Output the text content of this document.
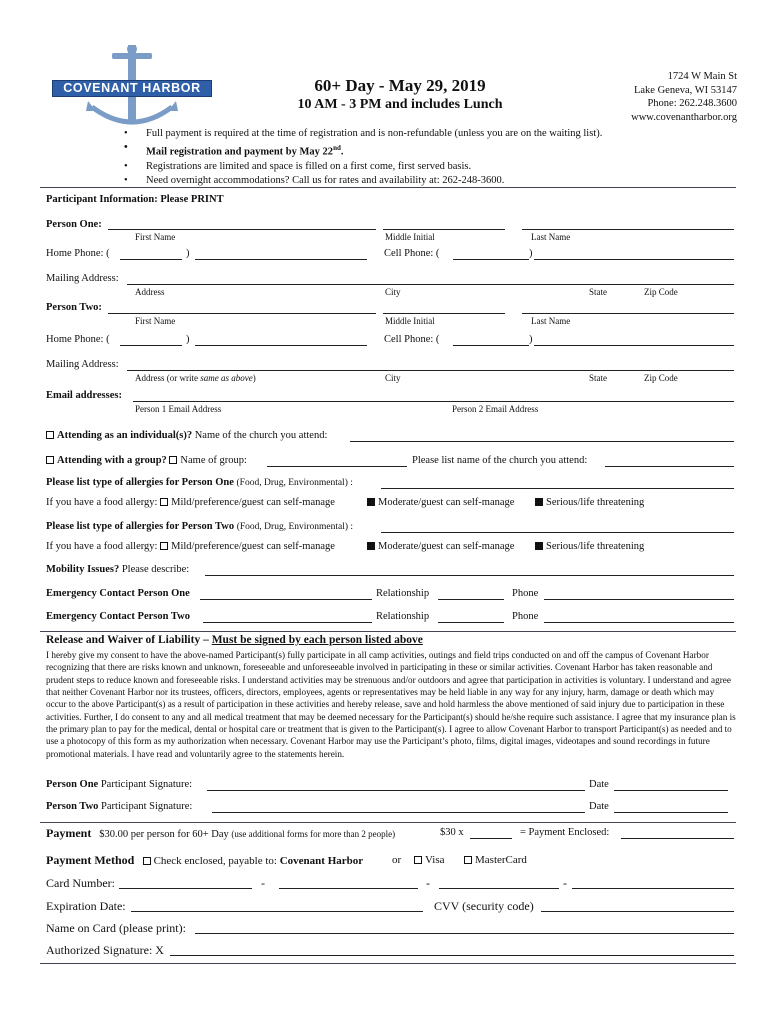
COVENANT HARBOR	60+ Day - May 29, 2019
10 AM - 3 PM and includes Lunch
1724 W Main St
Lake Geneva, WI 53147
Phone: 262.248.3600
www.covenantharbor.org
• Full payment is required at the time of registration and is non-refundable (unless you are on the waiting list).
• Mail registration and payment by May 22nd.
• Registrations are limited and space is filled on a first come, first served basis.
• Need overnight accommodations? Call us for rates and availability at: 262-248-3600.
Participant Information: Please PRINT
Person One:
First Name	Middle Initial	Last Name
Home Phone: (	)	Cell Phone: (	)
Mailing Address:
Address	City	State	Zip Code
Person Two:
First Name	Middle Initial	Last Name
Home Phone: (	)	Cell Phone: (	)
Mailing Address:
Address (or write same as above)	City	State	Zip Code
Email addresses:
Person 1 Email Address	Person 2 Email Address
Attending as an individual(s)? Name of the church you attend:
Attending with a group? Name of group:	Please list name of the church you attend:
Please list type of allergies for Person One (Food, Drug, Environmental) :
If you have a food allergy: Mild/preference/guest can self-manage	Moderate/guest can self-manage	Serious/life threatening
Please list type of allergies for Person Two (Food, Drug, Environmental) :
If you have a food allergy: Mild/preference/guest can self-manage	Moderate/guest can self-manage	Serious/life threatening
Mobility Issues? Please describe:
Emergency Contact Person One	Relationship	Phone
Emergency Contact Person Two	Relationship	Phone
Release and Waiver of Liability – Must be signed by each person listed above
I hereby give my consent to have the above-named Participant(s) fully participate in all camp activities, outings and field trips conducted on and off the campus of Covenant Harbor recognizing that there are risks known and unknown, foreseeable and unforeseeable involved in participating in these or similar activities. Covenant Harbor has taken reasonable and prudent steps to reduce known and foreseeable risks. I understand activities may be strenuous and/or outdoors and agree that participation in activities is voluntary. I understand and agree that neither Covenant Harbor nor its trustees, officers, directors, employees, agents or representatives may be held liable in any way for any injury, harm, damage or death which may occur to the above Participant(s) as a result of participation in these activities and hereby release, save and hold harmless the above mentioned of said injury due to participation in these activities. Further, I do consent to any and all medical treatment that may be deemed necessary for the Participant(s) should he/she require such assistance. I agree that my insurance plan is the primary plan to pay for the medical, dental or hospital care or treatment that is given to the Participant(s). I agree to allow Covenant Harbor to transport Participant(s) as needed and to use a photocopy of this form as my authorization when necessary. Covenant Harbor may use the Participant’s photo, films, digital images, videotapes and sound recordings in future promotional materials. I have read and voluntarily agree to the statements herein.
Person One Participant Signature:	Date
Person Two Participant Signature:	Date
Payment $30.00 per person for 60+ Day (use additional forms for more than 2 people)	$30 x	= Payment Enclosed:
Payment Method Check enclosed, payable to: Covenant Harbor	or	Visa	MasterCard
Card Number:	-	-	-
Expiration Date:	CVV (security code)
Name on Card (please print):
Authorized Signature: X
